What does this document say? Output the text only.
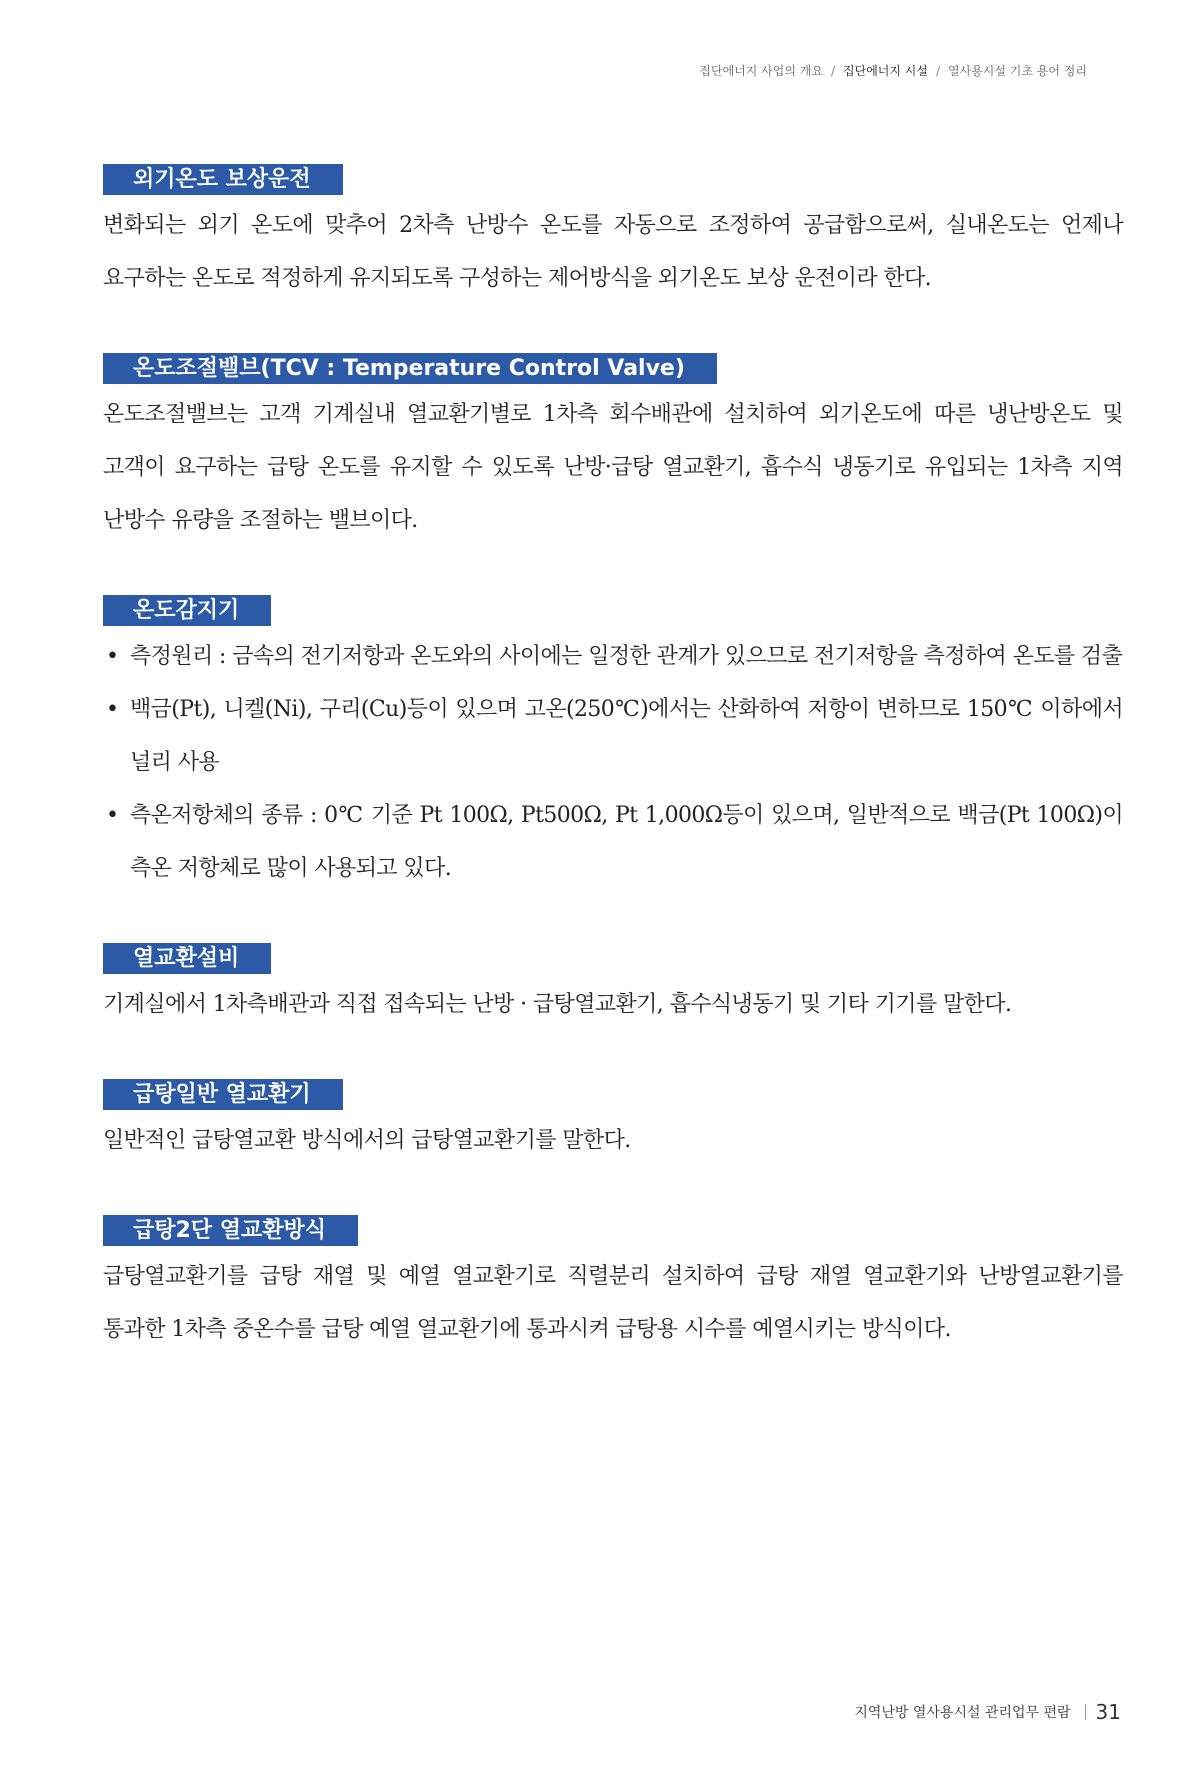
집단에너지 사업의 개요 / 집단에너지 시설 / 열사용시설 기초 용어 정리
외기온도 보상운전

변화되는 외기 온도에 맞추어 2차측 난방수 온도를 자동으로 조정하여 공급함으로써, 실내온도는 언제나 요구하는 온도로 적정하게 유지되도록 구성하는 제어방식을 외기온도 보상 운전이라 한다.

온도조절밸브(TCV : Temperature Control Valve)

온도조절밸브는 고객 기계실내 열교환기별로 1차측 회수배관에 설치하여 외기온도에 따른 냉난방온도 및 고객이 요구하는 급탕 온도를 유지할 수 있도록 난방·급탕 열교환기, 흡수식 냉동기로 유입되는 1차측 지역 난방수 유량을 조절하는 밸브이다.

온도감지기
• 측정원리 : 금속의 전기저항과 온도와의 사이에는 일정한 관계가 있으므로 전기저항을 측정하여 온도를 검출
• 백금(Pt), 니켈(Ni), 구리(Cu)등이 있으며 고온(250℃)에서는 산화하여 저항이 변하므로 150℃ 이하에서 널리 사용
• 측온저항체의 종류 : 0℃ 기준 Pt 100Ω, Pt500Ω, Pt 1,000Ω등이 있으며, 일반적으로 백금(Pt 100Ω)이 측온 저항체로 많이 사용되고 있다.
열교환설비

기계실에서 1차측배관과 직접 접속되는 난방 · 급탕열교환기, 흡수식냉동기 및 기타 기기를 말한다.

급탕일반 열교환기

일반적인 급탕열교환 방식에서의 급탕열교환기를 말한다.

급탕2단 열교환방식

급탕열교환기를 급탕 재열 및 예열 열교환기로 직렬분리 설치하여 급탕 재열 열교환기와 난방열교환기를 통과한 1차측 중온수를 급탕 예열 열교환기에 통과시켜 급탕용 시수를 예열시키는 방식이다.

지역난방 열사용시설 관리업무 편람 31
